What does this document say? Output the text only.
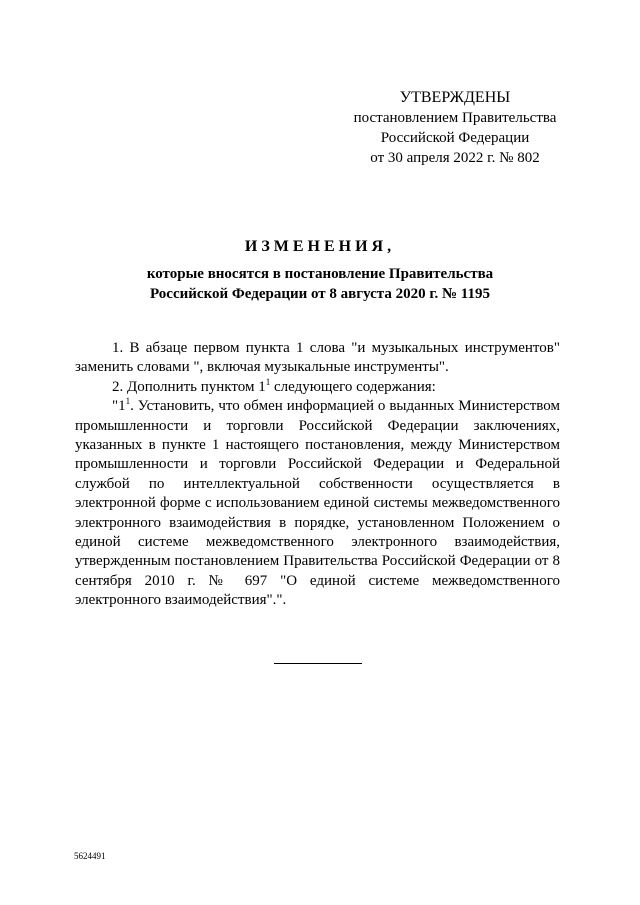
УТВЕРЖДЕНЫ
постановлением Правительства
Российской Федерации
от 30 апреля 2022 г. № 802
ИЗМЕНЕНИЯ,
которые вносятся в постановление Правительства
Российской Федерации от 8 августа 2020 г. № 1195

1. В абзаце первом пункта 1 слова "и музыкальных инструментов" заменить словами ", включая музыкальные инструменты".

2. Дополнить пунктом $1^1$ следующего содержания:

"$1^1$. Установить, что обмен информацией о выданных Министерством промышленности и торговли Российской Федерации заключениях, указанных в пункте 1 настоящего постановления, между Министерством промышленности и торговли Российской Федерации и Федеральной службой по интеллектуальной собственности осуществляется в электронной форме с использованием единой системы межведомственного электронного взаимодействия в порядке, установленном Положением о единой системе межведомственного электронного взаимодействия, утвержденным постановлением Правительства Российской Федерации от 8 сентября 2010 г. № 697 "О единой системе межведомственного электронного взаимодействия".".

5624491
